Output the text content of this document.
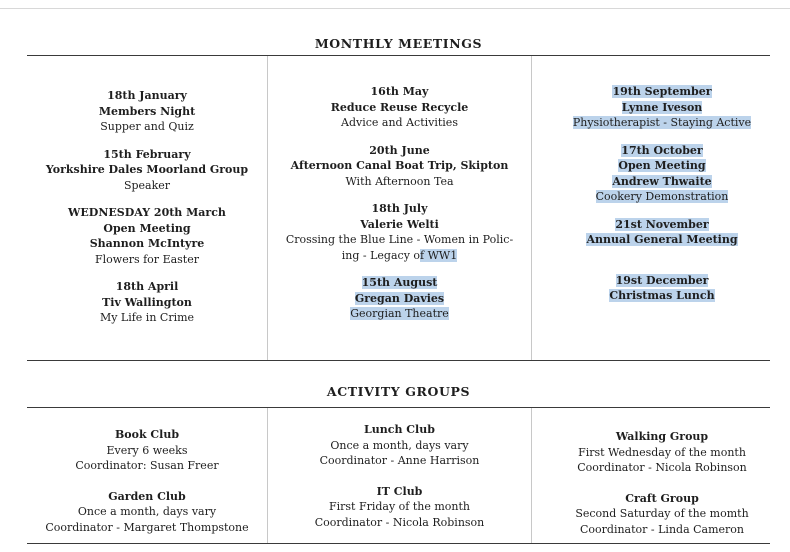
MONTHLY MEETINGS
18th January
Members Night
Supper and Quiz
15th February
Yorkshire Dales Moorland Group
Speaker
WEDNESDAY 20th March
Open Meeting
Shannon McIntyre
Flowers for Easter
18th April
Tiv Wallington
My Life in Crime
16th May
Reduce Reuse Recycle
Advice and Activities
20th June
Afternoon Canal Boat Trip, Skipton
With Afternoon Tea
18th July
Valerie Welti
Crossing the Blue Line - Women in Polic-
ing - Legacy of WW1
15th August
Gregan Davies
Georgian Theatre
19th September
Lynne Iveson
Physiotherapist - Staying Active
17th October
Open Meeting
Andrew Thwaite
Cookery Demonstration
21st November
Annual General Meeting
19st December
Christmas Lunch
ACTIVITY GROUPS
Book Club
Every 6 weeks
Coordinator: Susan Freer
Garden Club
Once a month, days vary
Coordinator - Margaret Thompstone
Lunch Club
Once a month, days vary
Coordinator - Anne Harrison
IT Club
First Friday of the month
Coordinator - Nicola Robinson
Walking Group
First Wednesday of the month
Coordinator - Nicola Robinson
Craft Group
Second Saturday of the momth
Coordinator - Linda Cameron
